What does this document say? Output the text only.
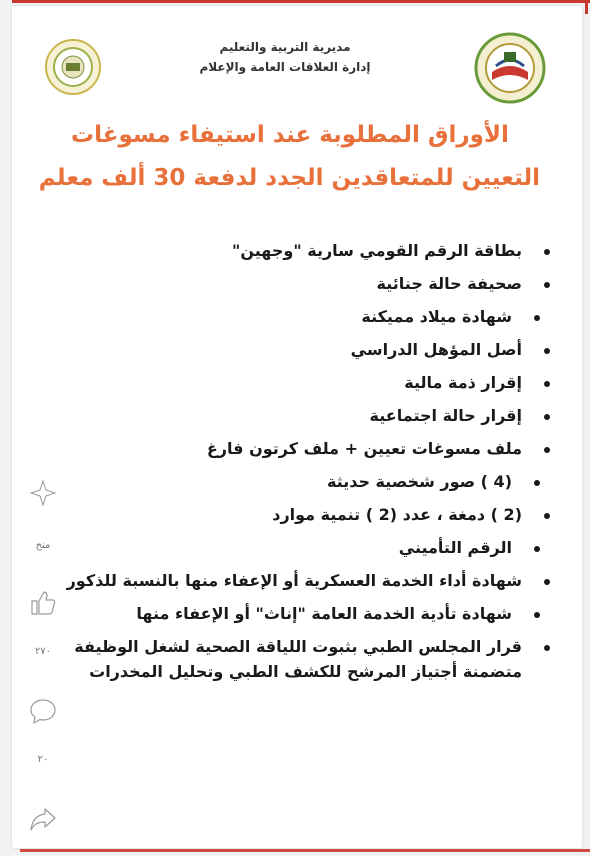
مديرية التربية والتعليم
إدارة العلاقات العامة والإعلام
الأوراق المطلوبة عند استيفاء مسوغات
التعيين للمتعاقدين الجدد لدفعة 30 ألف معلم
بطاقة الرقم القومي سارية "وجهين"
صحيفة حالة جنائية
شهادة ميلاد مميكنة
أصل المؤهل الدراسي
إقرار ذمة مالية
إقرار حالة اجتماعية
ملف مسوغات تعيين + ملف كرتون فارغ
(4 ) صور شخصية حديثة
(2 ) دمغة ، عدد (2 ) تنمية موارد
الرقم التأميني
شهادة أداء الخدمة العسكرية أو الإعفاء منها بالنسبة للذكور
شهادة تأدية الخدمة العامة "إناث" أو الإعفاء منها
قرار المجلس الطبي بثبوت اللياقة الصحية لشغل الوظيفة متضمنة أجتياز المرشح للكشف الطبي وتحليل المخدرات
منح
٢٧٠
٢٠
